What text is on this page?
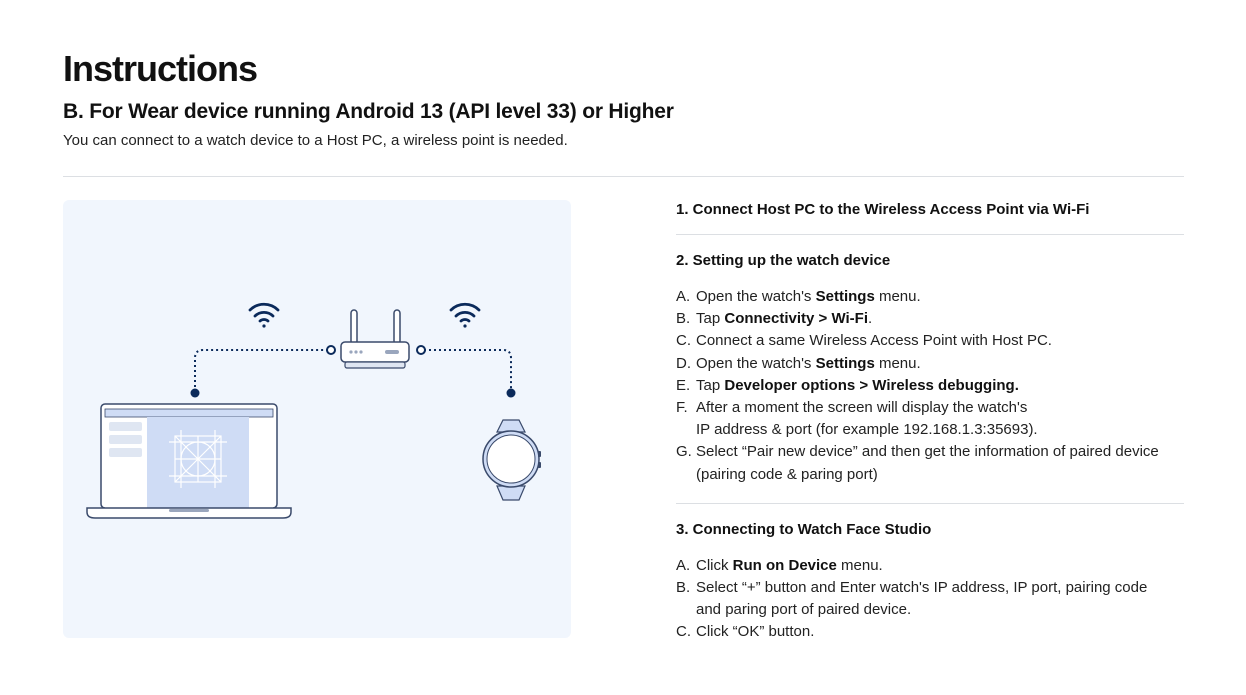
Instructions
B. For Wear device running Android 13 (API level 33) or Higher

You can connect to a watch device to a Host PC, a wireless point is needed.

1. Connect Host PC to the Wireless Access Point via Wi-Fi

2. Setting up the watch device

A. Open the watch's Settings menu.
B. Tap Connectivity > Wi-Fi.
C. Connect a same Wireless Access Point with Host PC.
D. Open the watch's Settings menu.
E. Tap Developer options > Wireless debugging.
F. After a moment the screen will display the watch's
IP address & port (for example 192.168.1.3:35693).
G. Select “Pair new device” and then get the information of paired device
(pairing code & paring port)

3. Connecting to Watch Face Studio

A. Click Run on Device menu.
B. Select “+” button and Enter watch's IP address, IP port, pairing code
and paring port of paired device.
C. Click “OK” button.
